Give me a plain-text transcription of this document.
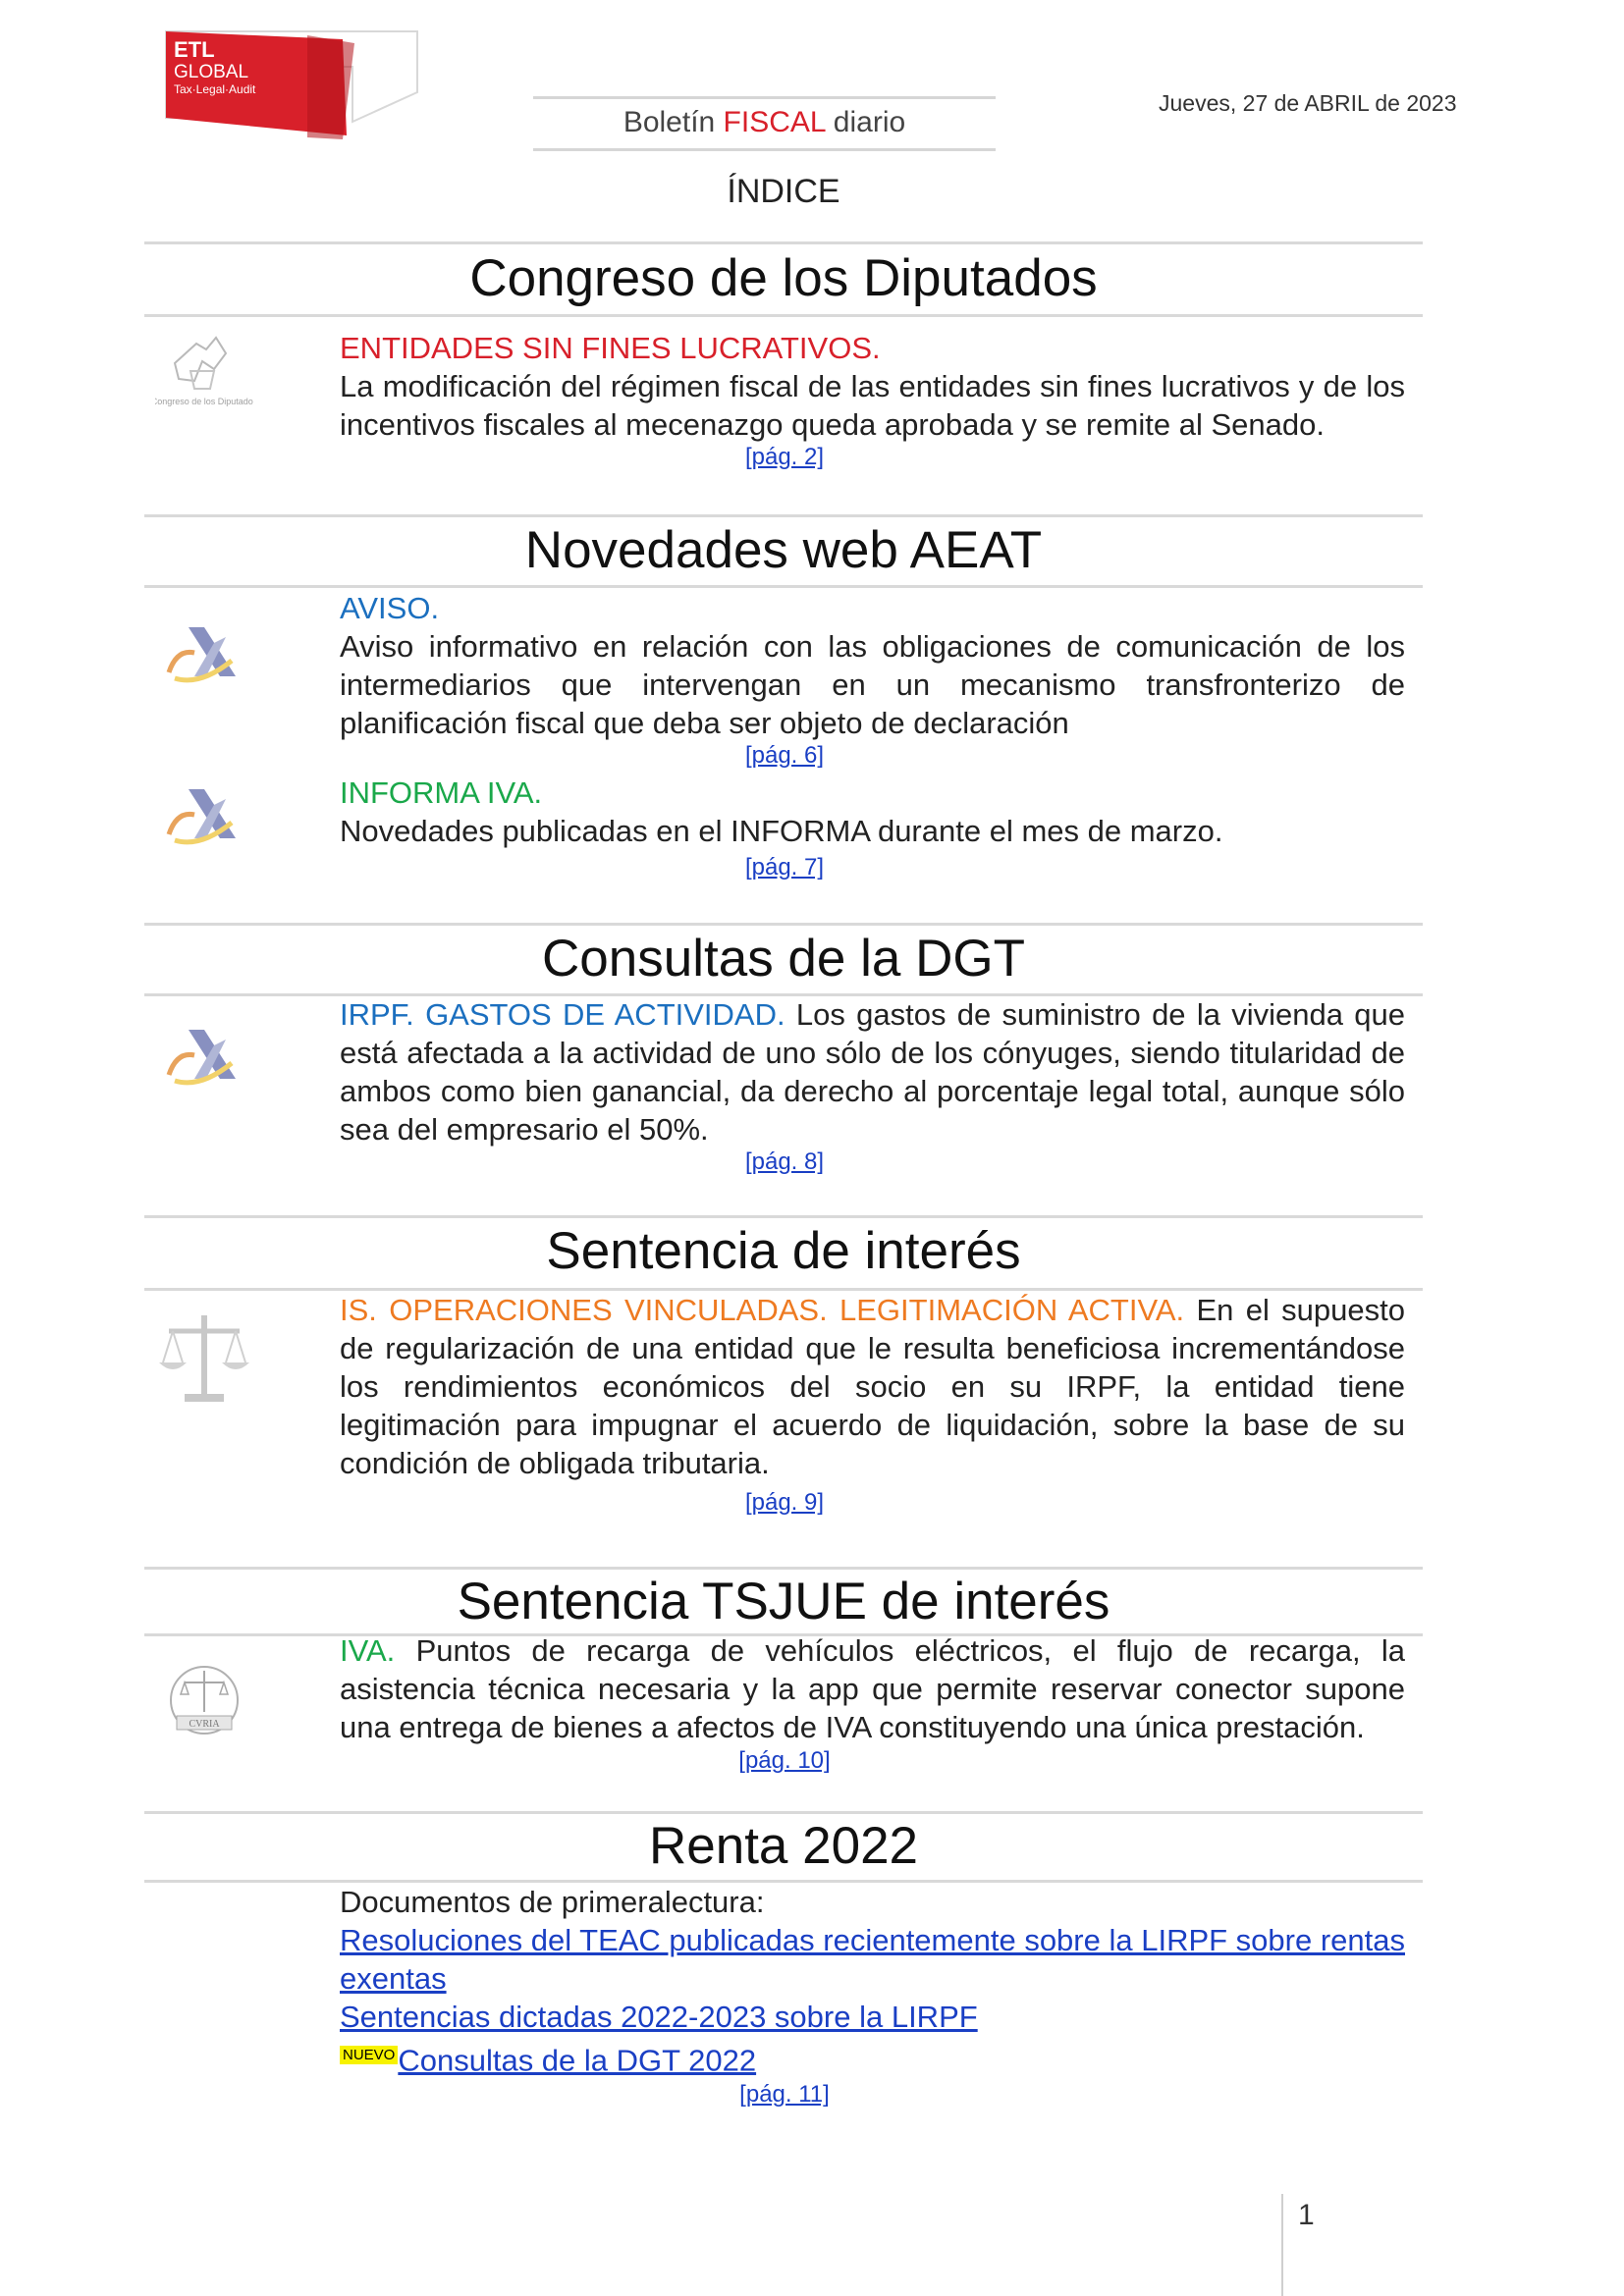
ETL
GLOBAL
Tax·Legal·Audit
Boletín FISCAL diario
Jueves, 27 de ABRIL de 2023
ÍNDICE
Congreso de los Diputados
Congreso de los Diputados
ENTIDADES SIN FINES LUCRATIVOS.
La modificación del régimen fiscal de las entidades sin fines lucrativos y de los incentivos fiscales al mecenazgo queda aprobada y se remite al Senado.
[pág. 2]
Novedades web AEAT
AVISO.
Aviso informativo en relación con las obligaciones de comunicación de los intermediarios que intervengan en un mecanismo transfronterizo de planificación fiscal que deba ser objeto de declaración
[pág. 6]
INFORMA IVA.
Novedades publicadas en el INFORMA durante el mes de marzo.
[pág. 7]
Consultas de la DGT
IRPF. GASTOS DE ACTIVIDAD. Los gastos de suministro de la vivienda que está afectada a la actividad de uno sólo de los cónyuges, siendo titularidad de ambos como bien ganancial, da derecho al porcentaje legal total, aunque sólo sea del empresario el 50%.
[pág. 8]
Sentencia de interés
IS. OPERACIONES VINCULADAS. LEGITIMACIÓN ACTIVA. En el supuesto de regularización de una entidad que le resulta beneficiosa incrementándose los rendimientos económicos del socio en su IRPF, la entidad tiene legitimación para impugnar el acuerdo de liquidación, sobre la base de su condición de obligada tributaria.
[pág. 9]
Sentencia TSJUE de interés
CVRIA
IVA. Puntos de recarga de vehículos eléctricos, el flujo de recarga, la asistencia técnica necesaria y la app que permite reservar conector supone una entrega de bienes a afectos de IVA constituyendo una única prestación.
[pág. 10]
Renta 2022
Documentos de primeralectura:
Resoluciones del TEAC publicadas recientemente sobre la LIRPF sobre rentas exentas
Sentencias dictadas 2022-2023 sobre la LIRPF
$^{NUEVO}$Consultas de la DGT 2022
[pág. 11]
1
